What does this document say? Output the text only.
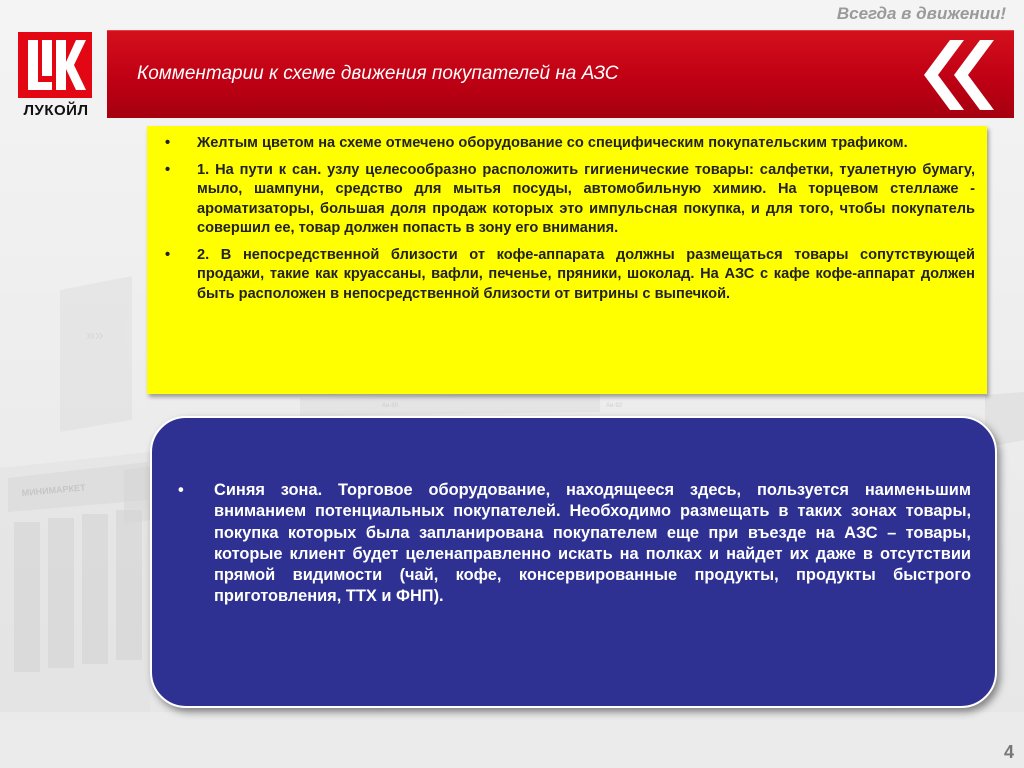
МИНИМАРКЕТ
»»
Аи-80	Аи-92
Всегда в движении!
ЛУКОЙЛ
Комментарии к схеме движения покупателей на АЗС
• Желтым цветом на схеме отмечено оборудование со специфическим покупательским трафиком.
• 1. На пути к сан. узлу целесообразно расположить гигиенические товары: салфетки, туалетную бумагу, мыло, шампуни, средство для мытья посуды, автомобильную химию. На торцевом стеллаже - ароматизаторы, большая доля продаж которых это импульсная покупка, и для того, чтобы покупатель совершил ее, товар должен попасть в зону его внимания.
• 2. В непосредственной близости от кофе-аппарата должны размещаться товары сопутствующей продажи, такие как круассаны, вафли, печенье, пряники, шоколад. На АЗС с кафе кофе-аппарат должен быть расположен в непосредственной близости от витрины с выпечкой.
• Синяя зона. Торговое оборудование, находящееся здесь, пользуется наименьшим вниманием потенциальных покупателей. Необходимо размещать в таких зонах товары, покупка которых была запланирована покупателем еще при въезде на АЗС – товары, которые клиент будет целенаправленно искать на полках и найдет их даже в отсутствии прямой видимости (чай, кофе, консервированные продукты, продукты быстрого приготовления, ТТХ и ФНП).
4
